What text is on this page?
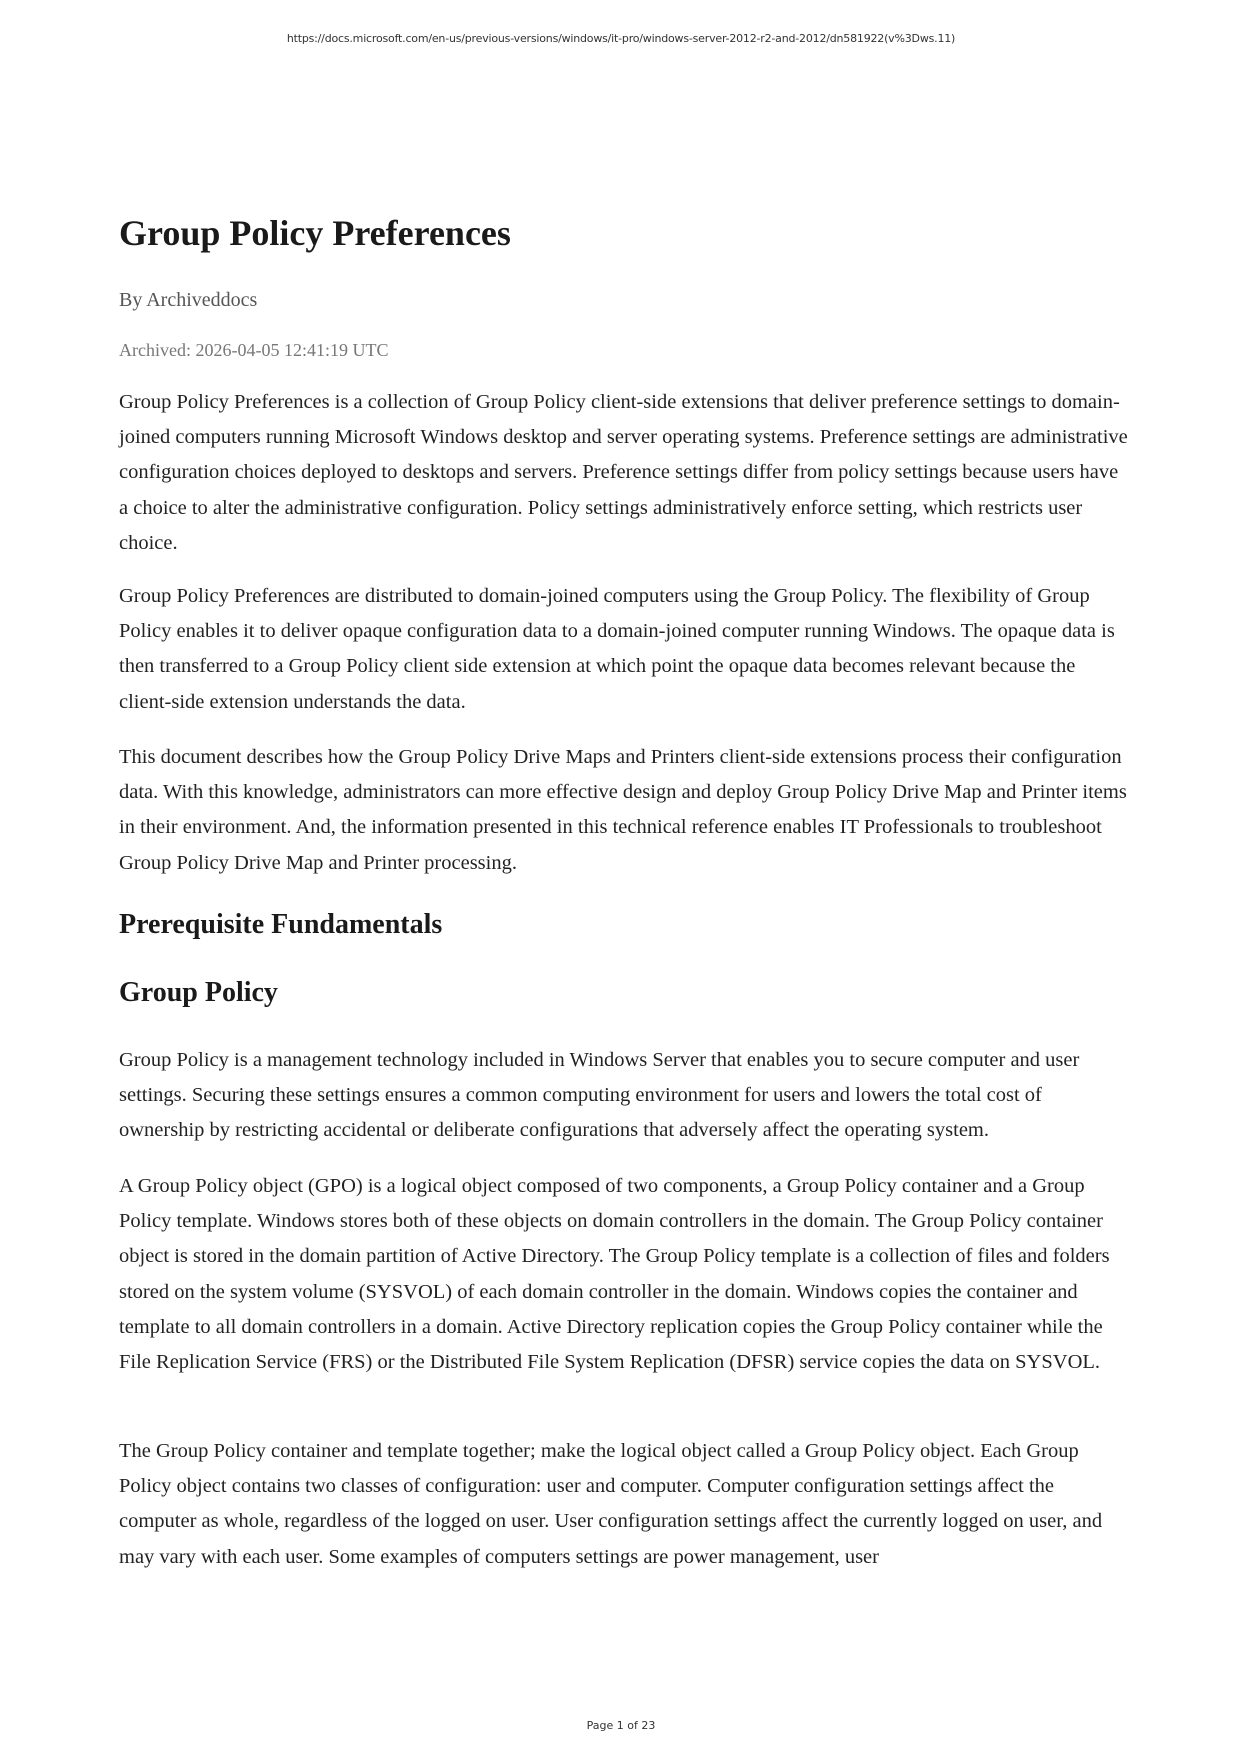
https://docs.microsoft.com/en-us/previous-versions/windows/it-pro/windows-server-2012-r2-and-2012/dn581922(v%3Dws.11)
Group Policy Preferences
By Archiveddocs
Archived: 2026-04-05 12:41:19 UTC

Group Policy Preferences is a collection of Group Policy client-side extensions that deliver preference settings to domain-joined computers running Microsoft Windows desktop and server operating systems. Preference settings are administrative configuration choices deployed to desktops and servers. Preference settings differ from policy settings because users have a choice to alter the administrative configuration. Policy settings administratively enforce setting, which restricts user choice.

Group Policy Preferences are distributed to domain-joined computers using the Group Policy. The flexibility of Group Policy enables it to deliver opaque configuration data to a domain-joined computer running Windows. The opaque data is then transferred to a Group Policy client side extension at which point the opaque data becomes relevant because the client-side extension understands the data.

This document describes how the Group Policy Drive Maps and Printers client-side extensions process their configuration data. With this knowledge, administrators can more effective design and deploy Group Policy Drive Map and Printer items in their environment. And, the information presented in this technical reference enables IT Professionals to troubleshoot Group Policy Drive Map and Printer processing.

Prerequisite Fundamentals
Group Policy

Group Policy is a management technology included in Windows Server that enables you to secure computer and user settings. Securing these settings ensures a common computing environment for users and lowers the total cost of ownership by restricting accidental or deliberate configurations that adversely affect the operating system.

A Group Policy object (GPO) is a logical object composed of two components, a Group Policy container and a Group Policy template. Windows stores both of these objects on domain controllers in the domain. The Group Policy container object is stored in the domain partition of Active Directory. The Group Policy template is a collection of files and folders stored on the system volume (SYSVOL) of each domain controller in the domain. Windows copies the container and template to all domain controllers in a domain. Active Directory replication copies the Group Policy container while the File Replication Service (FRS) or the Distributed File System Replication (DFSR) service copies the data on SYSVOL.

The Group Policy container and template together; make the logical object called a Group Policy object. Each Group Policy object contains two classes of configuration: user and computer. Computer configuration settings affect the computer as whole, regardless of the logged on user. User configuration settings affect the currently logged on user, and may vary with each user. Some examples of computers settings are power management, user

Page 1 of 23
